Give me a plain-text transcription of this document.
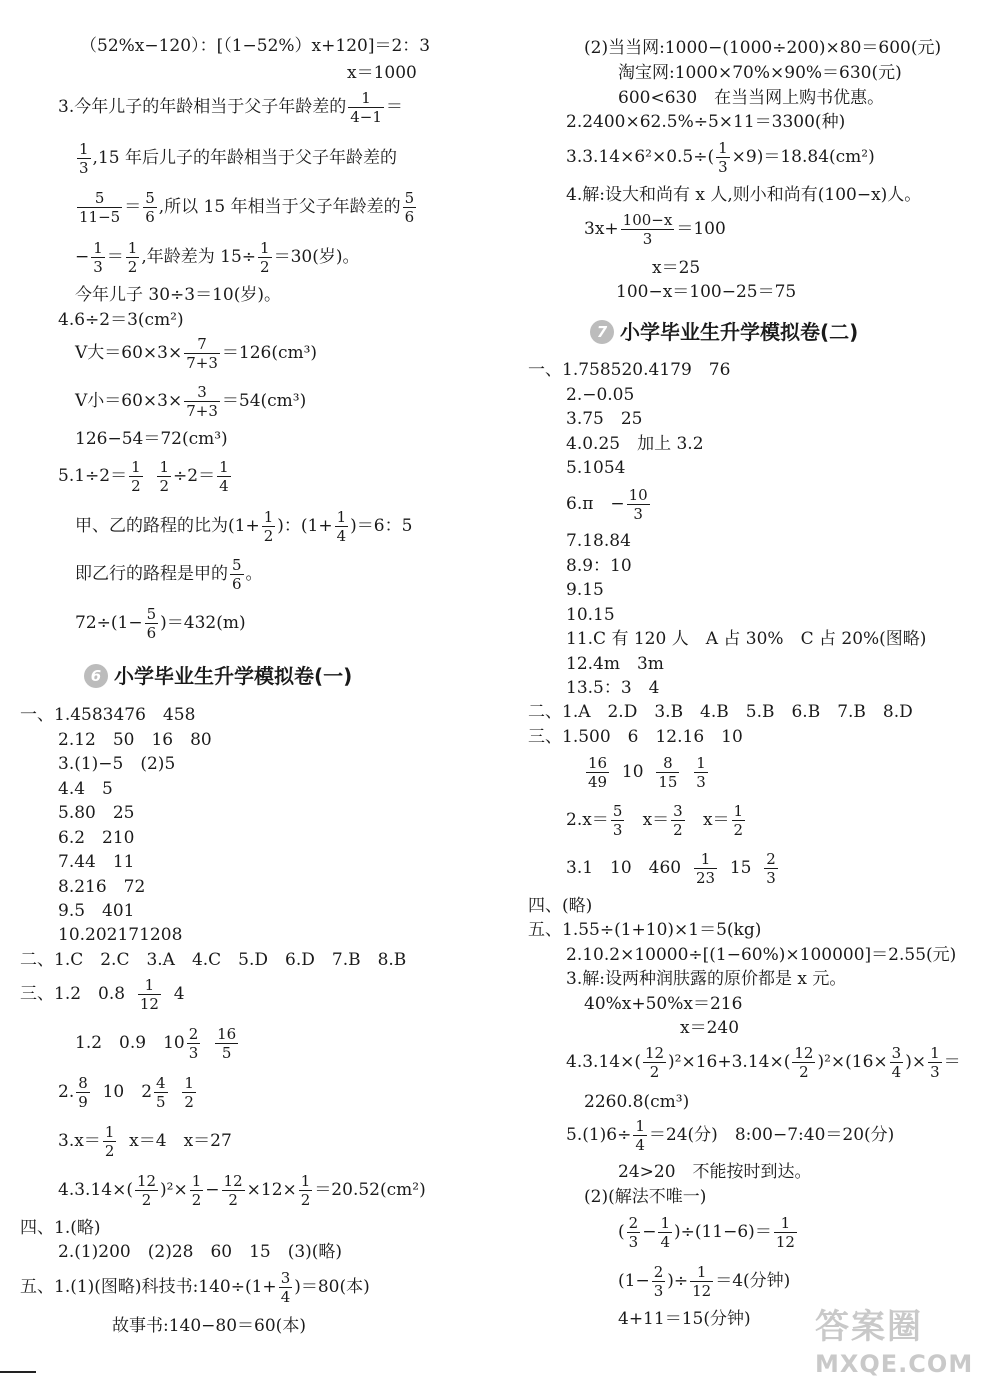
（52%x−120）：[（1−52%）x+120]＝2：3
x＝1000
3.今年儿子的年龄相当于父子年龄差的 $\frac{1}{4-1}$ ＝
$\frac{1}{3} ,15$ 年后儿子的年龄相当于父子年龄差的
$\frac{5}{11-5} = \frac{5}{6}$ ,所以 15 年相当于父子年龄差的 $\frac{5}{6}$
− $\frac{1}{3} = \frac{1}{2}$ ,年龄差为 $15\div \frac{1}{2} =30$(岁)。
今年儿子 30÷3＝10(岁)。
4.6÷2＝3(cm²)
V大$=60\times 3\times \frac{7}{7+3} =126(cm^3)$
V小$=60\times 3\times \frac{3}{7+3} =54(cm^3)$
126−54＝72(cm³)
$5.1\div 2= \frac{1}{2}$
$\frac{1}{2} \div 2= \frac{1}{4}$
甲、乙的路程的比为($1+ \frac{1}{2}$ )：$(1+ \frac{1}{4} )=6$：5
即乙行的路程是甲的 $\frac{5}{6}$ 。
$72\div(1- \frac{5}{6} )=432(m)$
6 小学毕业生升学模拟卷(一)
一、1.4583476　458
2.12　50　16　80
3.(1)−5　(2)5
4.4　5
5.80　25
6.2　210
7.44　11
8.216　72
9.5　401
10.202171208
二、1.C　2.C　3.A　4.C　5.D　6.D　7.B　8.B
三、1.2　$0.8 \frac{1}{12} 4$
1.2　0.9　$10 \frac{2}{3}$
$\frac{16}{5}$
2. $\frac{8}{9} 10$　$2 \frac{4}{5}$
$\frac{1}{2}$
$3.x= \frac{1}{2} x=4$　x＝27
$4.3.14\times( \frac{12}{2} )^2\times \frac{1}{2} - \frac{12}{2} \times 12\times \frac{1}{2} =20.52(cm^2)$
四、1.(略)
2.(1)200　(2)28　60　15　(3)(略)
五、1.(1)(图略)科技书:140÷(1+ $\frac{3}{4} )=80$(本)
故事书:140−80＝60(本)
(2)当当网:1000−(1000÷200)×80＝600(元)
淘宝网:1000×70%×90%＝630(元)
600<630　在当当网上购书优惠。
2.2400×62.5%÷5×11＝3300(种)
$3.3.14\times 6^2\times 0.5\div( \frac{1}{3} \times 9)=18.84(cm^2)$
4.解:设大和尚有 x 人,则小和尚有(100−x)人。
$3x+ \frac{100-x}{3} =100$
x＝25
100−x＝100−25＝75
7 小学毕业生升学模拟卷(二)
一、1.758520.4179　76
2.−0.05
3.75　25
4.0.25　加上 3.2
5.1054
6.π　− $\frac{10}{3}$
7.18.84
8.9：10
9.15
10.15
11.C 有 120 人　A 占 30%　C 占 20%(图略)
12.4m　3m
13.5：3　4
二、1.A　2.D　3.B　4.B　5.B　6.B　7.B　8.D
三、1.500　6　12.16　10
$\frac{16}{49} 10 \frac{8}{15}$
$\frac{1}{3}$
$2.x= \frac{5}{3} x= \frac{3}{2} x= \frac{1}{2}$
3.1　10　$460 \frac{1}{23} 15 \frac{2}{3}$
四、(略)
五、1.55÷(1+10)×1＝5(kg)
2.10.2×10000÷[(1−60%)×100000]＝2.55(元)
3.解:设两种润肤露的原价都是 x 元。
40%x+50%x＝216
x＝240
$4.3.14\times( \frac{12}{2} )^2\times 16+3.14\times( \frac{12}{2} )^2\times(16\times \frac{3}{4}$ )× $\frac{1}{3}$ ＝
2260.8(cm³)
$5.(1)6\div \frac{1}{4} =24$(分)　8:00−7:40＝20(分)
24>20　不能按时到达。
(2)(解法不唯一)
( $\frac{2}{3} - \frac{1}{4} )\div(11-6)= \frac{1}{12}$
($1- \frac{2}{3}$ )÷ $\frac{1}{12} =4$(分钟)
4+11＝15(分钟)	答案圈
MXQE.COM
